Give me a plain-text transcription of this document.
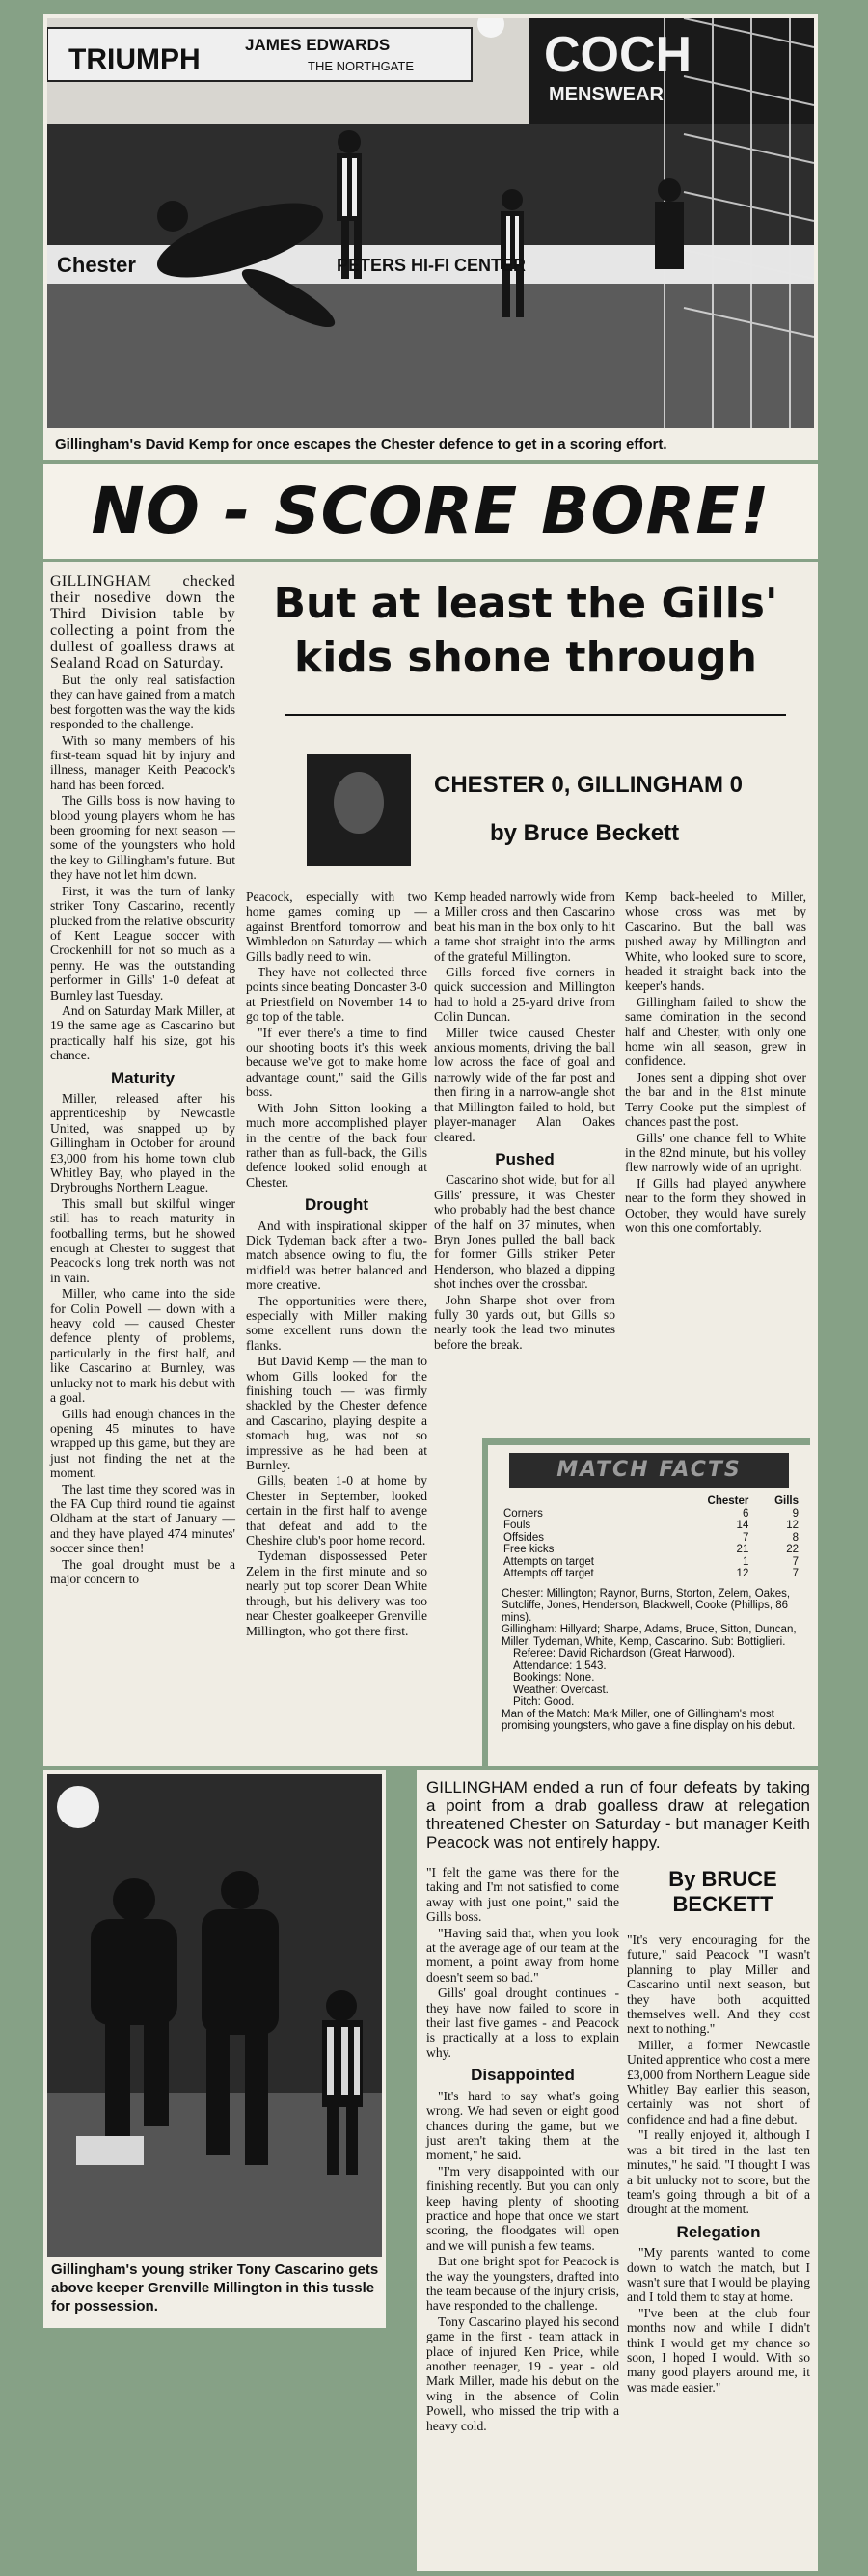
TRIUMPH	JAMES EDWARDS
THE NORTHGATE	COCH
MENSWEAR
Chester	PETERS HI-FI CENTER
Gillingham's David Kemp for once escapes the Chester defence to get in a scoring effort.
NO - SCORE BORE!

GILLINGHAM checked their nosedive down the Third Division table by collecting a point from the dullest of goalless draws at Sealand Road on Saturday.

But the only real satisfaction they can have gained from a match best forgotten was the way the kids responded to the challenge.

With so many members of his first-team squad hit by injury and illness, manager Keith Peacock's hand has been forced.

The Gills boss is now having to blood young players whom he has been grooming for next season — some of the youngsters who hold the key to Gillingham's future. But they have not let him down.

First, it was the turn of lanky striker Tony Cascarino, recently plucked from the relative obscurity of Kent League soccer with Crockenhill for not so much as a penny. He was the outstanding performer in Gills' 1-0 defeat at Burnley last Tuesday.

And on Saturday Mark Miller, at 19 the same age as Cascarino but practically half his size, got his chance.

Maturity

Miller, released after his apprenticeship by Newcastle United, was snapped up by Gillingham in October for around £3,000 from his home town club Whitley Bay, who played in the Drybroughs Northern League.

This small but skilful winger still has to reach maturity in footballing terms, but he showed enough at Chester to suggest that Peacock's long trek north was not in vain.

Miller, who came into the side for Colin Powell — down with a heavy cold — caused Chester defence plenty of problems, particularly in the first half, and like Cascarino at Burnley, was unlucky not to mark his debut with a goal.

Gills had enough chances in the opening 45 minutes to have wrapped up this game, but they are just not finding the net at the moment.

The last time they scored was in the FA Cup third round tie against Oldham at the start of January — and they have played 474 minutes' soccer since then!

The goal drought must be a major concern to

But at least the Gills'
kids shone through
CHESTER 0, GILLINGHAM 0
by Bruce Beckett

Peacock, especially with two home games coming up — against Brentford tomorrow and Wimbledon on Saturday — which Gills badly need to win.

They have not collected three points since beating Doncaster 3-0 at Priestfield on November 14 to go top of the table.

"If ever there's a time to find our shooting boots it's this week because we've got to make home advantage count," said the Gills boss.

With John Sitton looking a much more accomplished player in the centre of the back four rather than as full-back, the Gills defence looked solid enough at Chester.

Drought

And with inspirational skipper Dick Tydeman back after a two-match absence owing to flu, the midfield was better balanced and more creative.

The opportunities were there, especially with Miller making some excellent runs down the flanks.

But David Kemp — the man to whom Gills looked for the finishing touch — was firmly shackled by the Chester defence and Cascarino, playing despite a stomach bug, was not so impressive as he had been at Burnley.

Gills, beaten 1-0 at home by Chester in September, looked certain in the first half to avenge that defeat and add to the Cheshire club's poor home record.

Tydeman dispossessed Peter Zelem in the first minute and so nearly put top scorer Dean White through, but his delivery was too near Chester goalkeeper Grenville Millington, who got there first.

Kemp headed narrowly wide from a Miller cross and then Cascarino beat his man in the box only to hit a tame shot straight into the arms of the grateful Millington.

Gills forced five corners in quick succession and Millington had to hold a 25-yard drive from Colin Duncan.

Miller twice caused Chester anxious moments, driving the ball low across the face of goal and narrowly wide of the far post and then firing in a narrow-angle shot that Millington failed to hold, but player-manager Alan Oakes cleared.

Pushed

Cascarino shot wide, but for all Gills' pressure, it was Chester who probably had the best chance of the half on 37 minutes, when Bryn Jones pulled the ball back for former Gills striker Peter Henderson, who blazed a dipping shot inches over the crossbar.

John Sharpe shot over from fully 30 yards out, but Gills so nearly took the lead two minutes before the break.

Kemp back-heeled to Miller, whose cross was met by Cascarino. But the ball was pushed away by Millington and White, who looked sure to score, headed it straight back into the keeper's hands.

Gillingham failed to show the same domination in the second half and Chester, with only one home win all season, grew in confidence.

Jones sent a dipping shot over the bar and in the 81st minute Terry Cooke put the simplest of chances past the post.

Gills' one chance fell to White in the 82nd minute, but his volley flew narrowly wide of an upright.

If Gills had played anywhere near to the form they showed in October, they would have surely won this one comfortably.

MATCH FACTS
	Chester	Gills
Corners	6	9
Fouls	14	12
Offsides	7	8
Free kicks	21	22
Attempts on target	1	7
Attempts off target	12	7
Chester: Millington; Raynor, Burns, Storton, Zelem, Oakes, Sutcliffe, Jones, Henderson, Blackwell, Cooke (Phillips, 86 mins).
Gillingham: Hillyard; Sharpe, Adams, Bruce, Sitton, Duncan, Miller, Tydeman, White, Kemp, Cascarino. Sub: Bottiglieri.
Referee: David Richardson (Great Harwood).
Attendance: 1,543.
Bookings: None.
Weather: Overcast.
Pitch: Good.
Man of the Match: Mark Miller, one of Gillingham's most promising youngsters, who gave a fine display on his debut.
Gillingham's young striker Tony Cascarino gets above keeper Grenville Millington in this tussle for possession.
GILLINGHAM ended a run of four defeats by taking a point from a drab goalless draw at relegation threatened Chester on Saturday - but manager Keith Peacock was not entirely happy.

"I felt the game was there for the taking and I'm not satisfied to come away with just one point," said the Gills boss.

"Having said that, when you look at the average age of our team at the moment, a point away from home doesn't seem so bad."

Gills' goal drought continues - they have now failed to score in their last five games - and Peacock is practically at a loss to explain why.

Disappointed

"It's hard to say what's going wrong. We had seven or eight good chances during the game, but we just aren't taking them at the moment," he said.

"I'm very disappointed with our finishing recently. But you can only keep having plenty of shooting practice and hope that once we start scoring, the floodgates will open and we will punish a few teams.

But one bright spot for Peacock is the way the youngsters, drafted into the team because of the injury crisis, have responded to the challenge.

Tony Cascarino played his second game in the first - team attack in place of injured Ken Price, while another teenager, 19 - year - old Mark Miller, made his debut on the wing in the absence of Colin Powell, who missed the trip with a heavy cold.

By BRUCE
BECKETT

"It's very encouraging for the future," said Peacock "I wasn't planning to play Miller and Cascarino until next season, but they have both acquitted themselves well. And they cost next to nothing."

Miller, a former Newcastle United apprentice who cost a mere £3,000 from Northern League side Whitley Bay earlier this season, certainly was not short of confidence and had a fine debut.

"I really enjoyed it, although I was a bit tired in the last ten minutes," he said. "I thought I was a bit unlucky not to score, but the team's going through a bit of a drought at the moment.

Relegation

"My parents wanted to come down to watch the match, but I wasn't sure that I would be playing and I told them to stay at home.

"I've been at the club four months now and while I didn't think I would get my chance so soon, I hoped I would. With so many good players around me, it was made easier."
